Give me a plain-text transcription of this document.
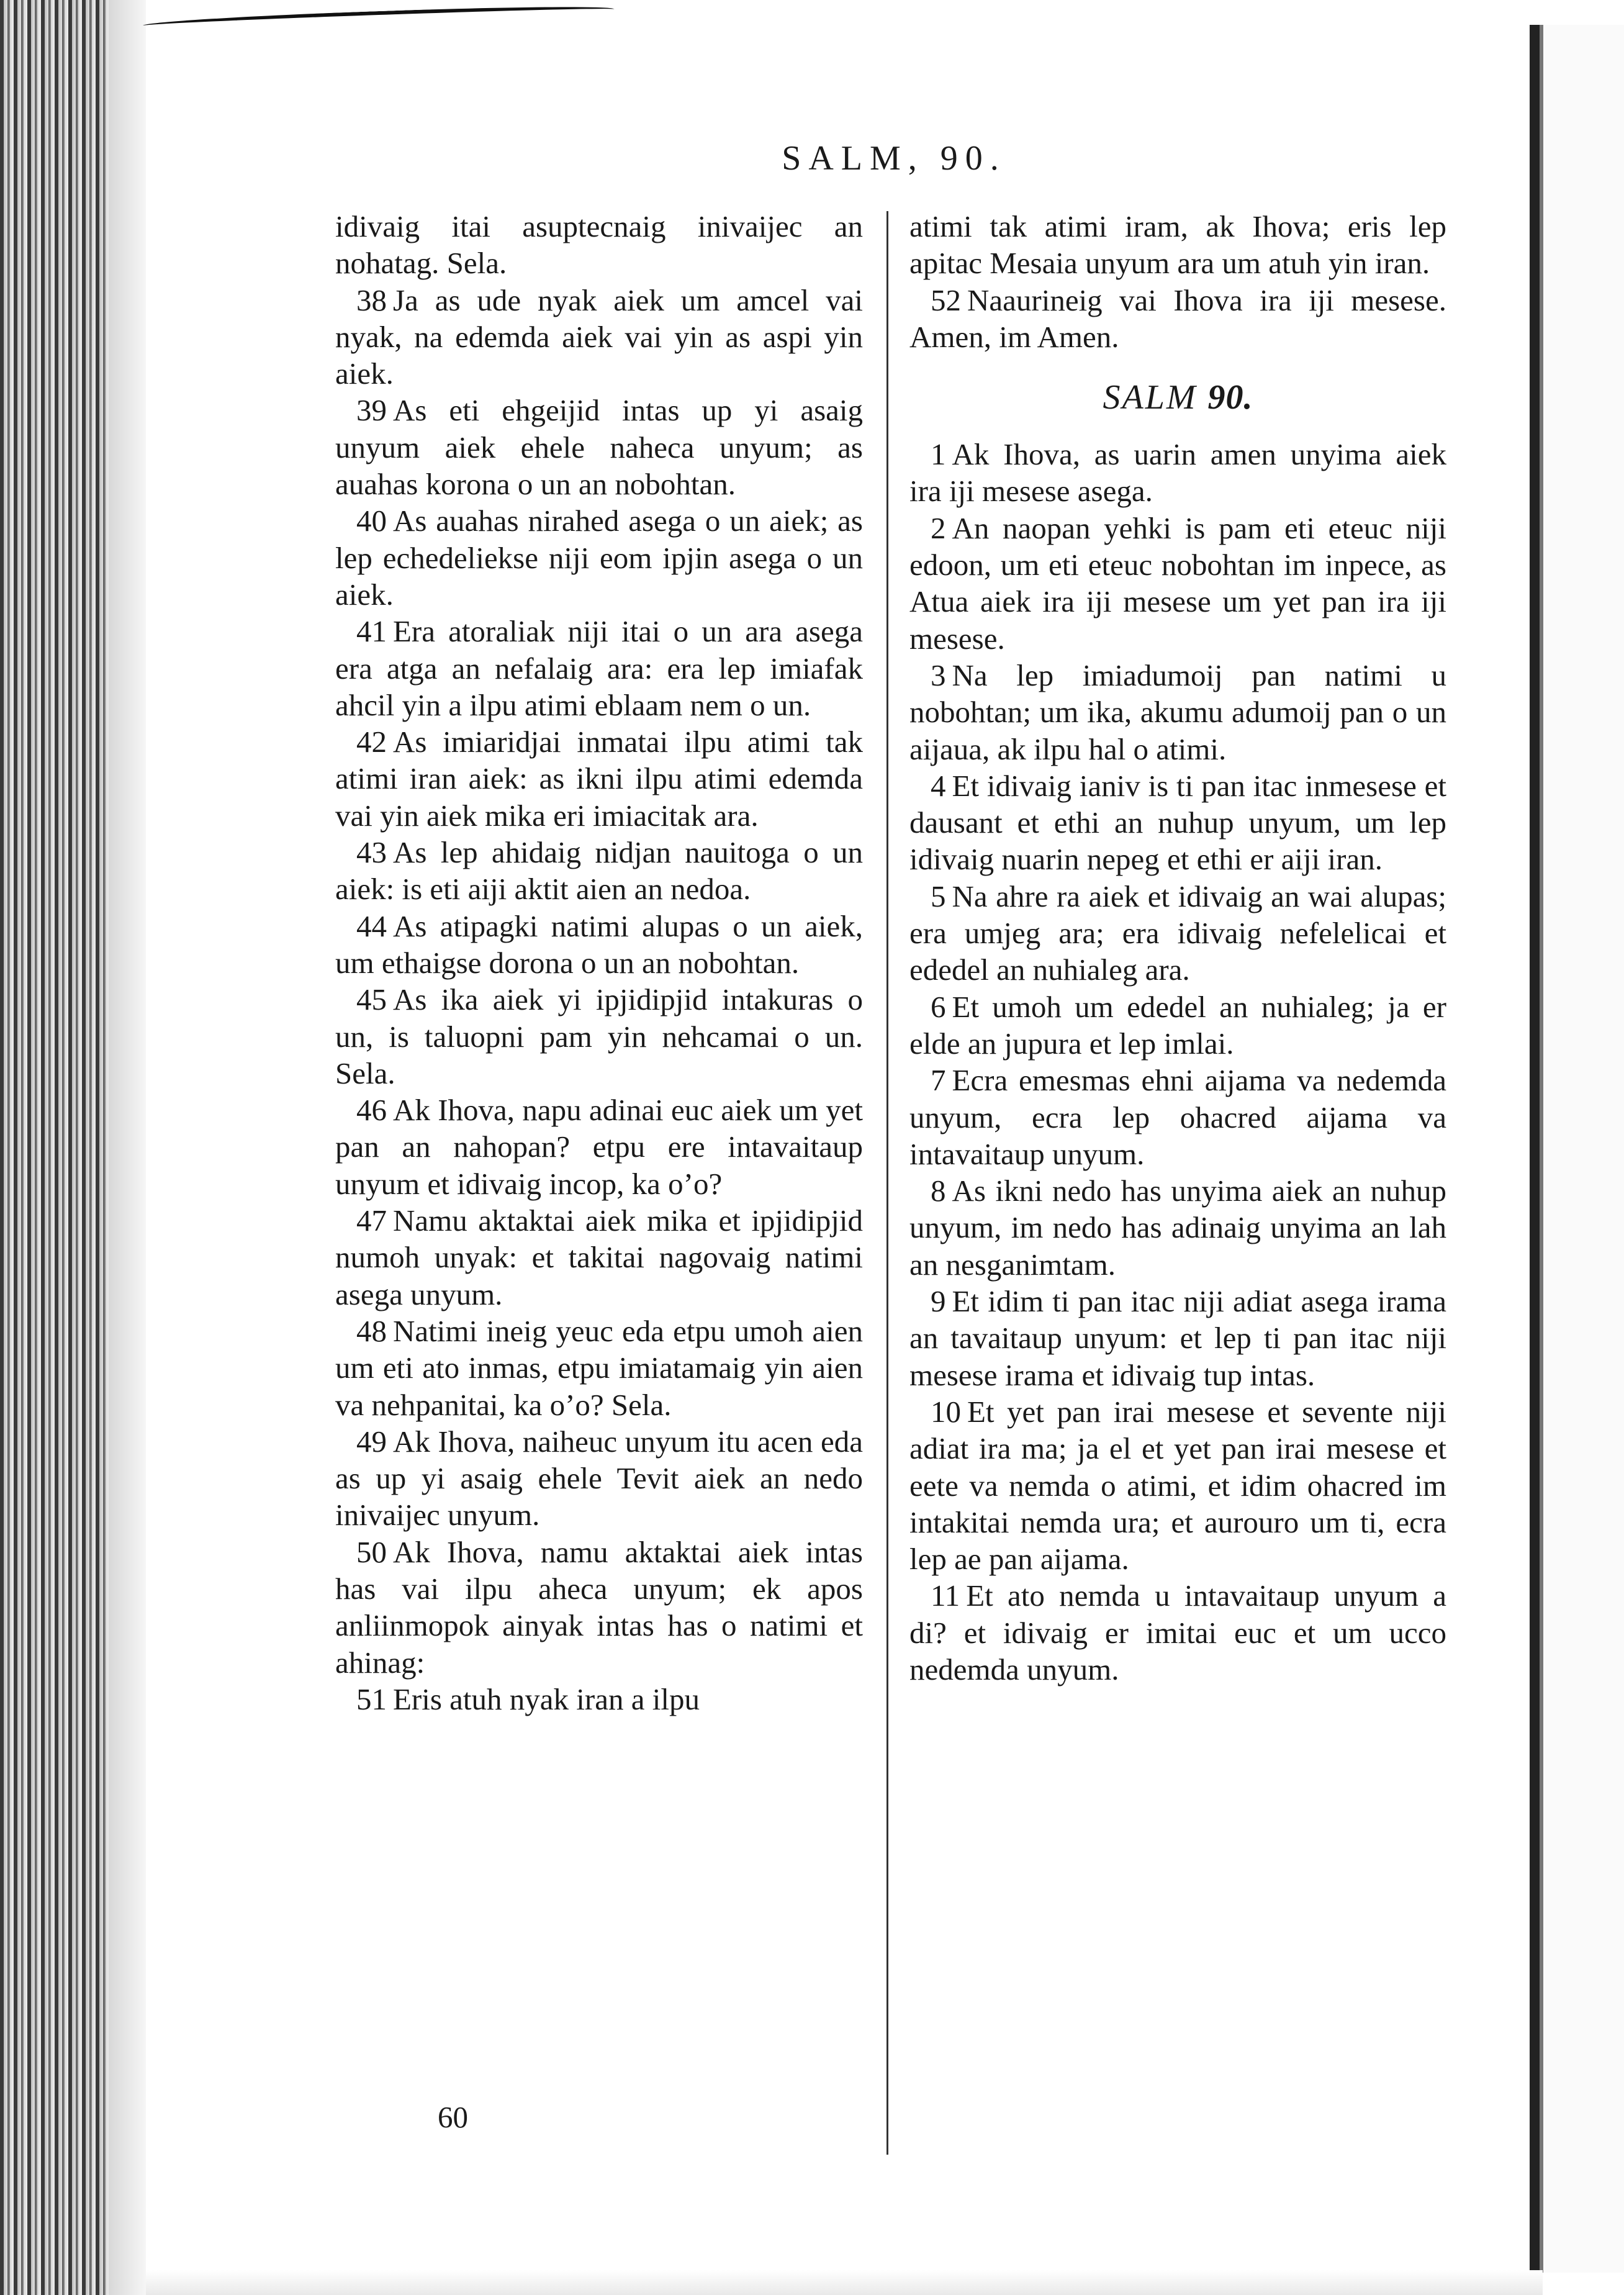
SALM, 90.

idivaig itai asuptecnaig inivaijec an nohatag. Sela.

38 Ja as ude nyak aiek um amcel vai nyak, na edemda aiek vai yin as aspi yin aiek.

39 As eti ehgeijid intas up yi asaig unyum aiek ehele naheca unyum; as auahas korona o un an nobohtan.

40 As auahas nirahed asega o un aiek; as lep echedeliekse niji eom ipjin asega o un aiek.

41 Era atoraliak niji itai o un ara asega era atga an nefalaig ara: era lep imiafak ahcil yin a ilpu atimi eblaam nem o un.

42 As imiaridjai inmatai ilpu atimi tak atimi iran aiek: as ikni ilpu atimi edemda vai yin aiek mika eri imiacitak ara.

43 As lep ahidaig nidjan nauitoga o un aiek: is eti aiji aktit aien an nedoa.

44 As atipagki natimi alupas o un aiek, um ethaigse dorona o un an nobohtan.

45 As ika aiek yi ipjidipjid intakuras o un, is taluopni pam yin nehcamai o un. Sela.

46 Ak Ihova, napu adinai euc aiek um yet pan an nahopan? etpu ere intavaitaup unyum et idivaig incop, ka o’o?

47 Namu aktaktai aiek mika et ipjidipjid numoh unyak: et takitai nagovaig natimi asega unyum.

48 Natimi ineig yeuc eda etpu umoh aien um eti ato inmas, etpu imiatamaig yin aien va nehpanitai, ka o’o? Sela.

49 Ak Ihova, naiheuc unyum itu acen eda as up yi asaig ehele Tevit aiek an nedo inivaijec unyum.

50 Ak Ihova, namu aktaktai aiek intas has vai ilpu aheca unyum; ek apos anliinmopok ainyak intas has o natimi et ahinag:

51 Eris atuh nyak iran a ilpu

atimi tak atimi iram, ak Ihova; eris lep apitac Mesaia unyum ara um atuh yin iran.

52 Naaurineig vai Ihova ira iji mesese. Amen, im Amen.

SALM 90.

1 Ak Ihova, as uarin amen unyima aiek ira iji mesese asega.

2 An naopan yehki is pam eti eteuc niji edoon, um eti eteuc nobohtan im inpece, as Atua aiek ira iji mesese um yet pan ira iji mesese.

3 Na lep imiadumoij pan natimi u nobohtan; um ika, akumu adumoij pan o un aijaua, ak ilpu hal o atimi.

4 Et idivaig ianiv is ti pan itac inmesese et dausant et ethi an nuhup unyum, um lep idivaig nuarin nepeg et ethi er aiji iran.

5 Na ahre ra aiek et idivaig an wai alupas; era umjeg ara; era idivaig nefelelicai et ededel an nuhialeg ara.

6 Et umoh um ededel an nuhialeg; ja er elde an jupura et lep imlai.

7 Ecra emesmas ehni aijama va nedemda unyum, ecra lep ohacred aijama va intavaitaup unyum.

8 As ikni nedo has unyima aiek an nuhup unyum, im nedo has adinaig unyima an lah an nesganimtam.

9 Et idim ti pan itac niji adiat asega irama an tavaitaup unyum: et lep ti pan itac niji mesese irama et idivaig tup intas.

10 Et yet pan irai mesese et sevente niji adiat ira ma; ja el et yet pan irai mesese et eete va nemda o atimi, et idim ohacred im intakitai nemda ura; et aurouro um ti, ecra lep ae pan aijama.

11 Et ato nemda u intavaitaup unyum a di? et idivaig er imitai euc et um ucco nedemda unyum.

60
